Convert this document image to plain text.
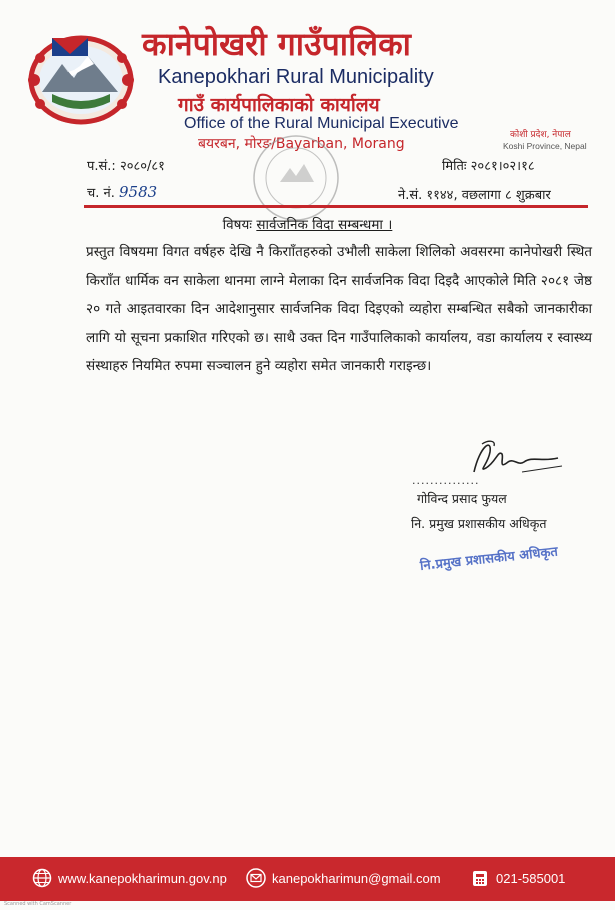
कानेपोखरी गाउँपालिका
Kanepokhari Rural Municipality
गाउँ कार्यपालिकाको कार्यालय
Office of the Rural Municipal Executive
बयरबन, मोरङ/Bayarban, Morang
कोशी प्रदेश, नेपाल
Koshi Province, Nepal
प.सं.: २०८०/८१	मितिः २०८१।०२।१८
च. नं. 9583	ने.सं. ११४४, वछलागा ८ शुक्रबार
विषयः सार्वजनिक विदा सम्बन्धमा ।
प्रस्तुत विषयमा विगत वर्षहरु देखि नै किरााँतहरुको उभौली साकेला शिलिको अवसरमा कानेपोखरी स्थित किरााँत धार्मिक वन साकेला थानमा लाग्ने मेलाका दिन सार्वजनिक विदा दिइदै आएकोले मिति २०८१ जेष्ठ २० गते आइतवारका दिन आदेशानुसार सार्वजनिक विदा दिइएको व्यहोरा सम्बन्धित सबैको जानकारीका लागि यो सूचना प्रकाशित गरिएको छ। साथै उक्त दिन गाउँपालिकाको कार्यालय, वडा कार्यालय र स्वास्थ्य संस्थाहरु नियमित रुपमा सञ्चालन हुने व्यहोरा समेत जानकारी गराइन्छ।
...............
गोविन्द प्रसाद फुयल
नि. प्रमुख प्रशासकीय अधिकृत
नि.प्रमुख प्रशासकीय अधिकृत
www.kanepokharimun.gov.np	kanepokharimun@gmail.com	021-585001
Scanned with CamScanner
